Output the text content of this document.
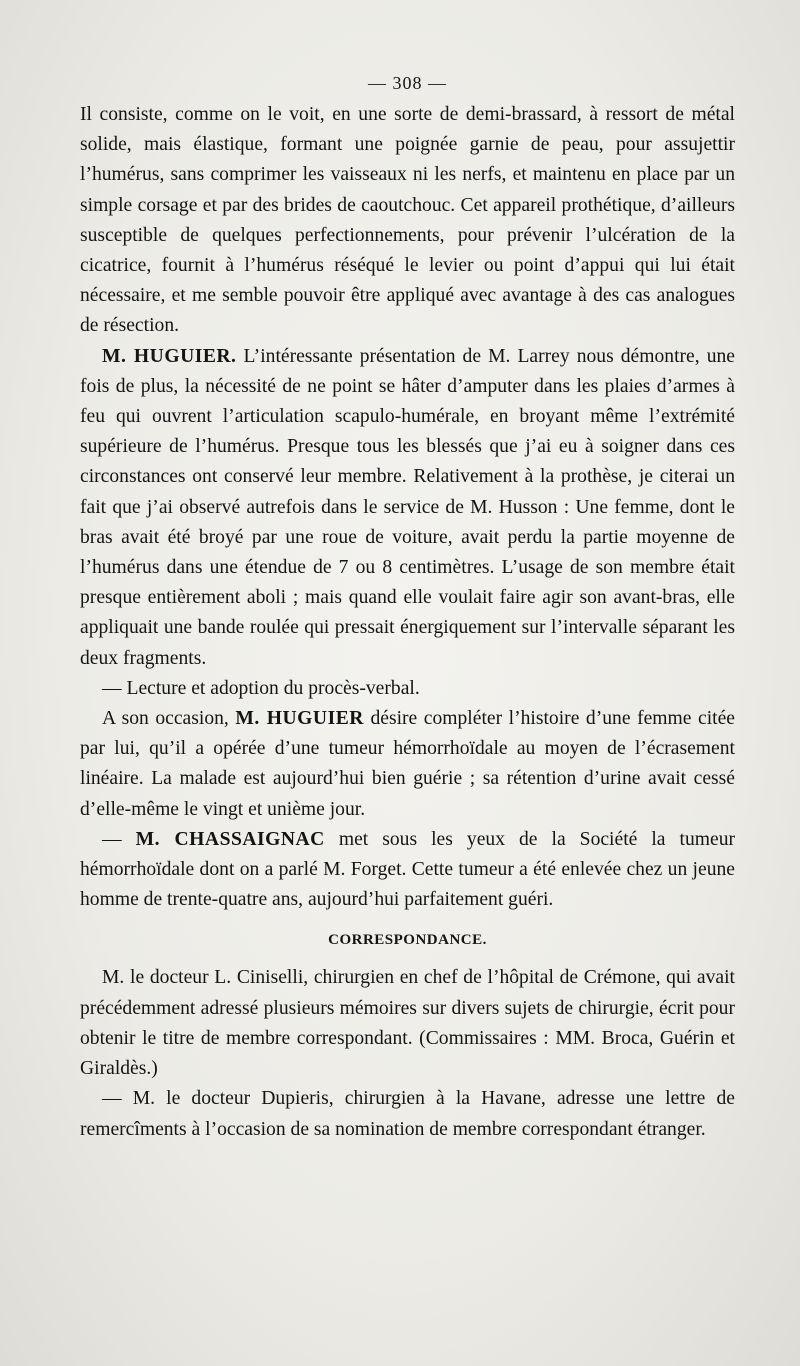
— 308 —

Il consiste, comme on le voit, en une sorte de demi-brassard, à ressort de métal solide, mais élastique, formant une poignée garnie de peau, pour assujettir l’humérus, sans comprimer les vaisseaux ni les nerfs, et maintenu en place par un simple corsage et par des brides de caoutchouc. Cet appareil prothétique, d’ailleurs susceptible de quelques perfectionnements, pour prévenir l’ulcération de la cicatrice, fournit à l’humérus réséqué le levier ou point d’appui qui lui était nécessaire, et me semble pouvoir être appliqué avec avantage à des cas analogues de résection.

M. HUGUIER. L’intéressante présentation de M. Larrey nous démontre, une fois de plus, la nécessité de ne point se hâter d’amputer dans les plaies d’armes à feu qui ouvrent l’articulation scapulo-humérale, en broyant même l’extrémité supérieure de l’humérus. Presque tous les blessés que j’ai eu à soigner dans ces circonstances ont conservé leur membre. Relativement à la prothèse, je citerai un fait que j’ai observé autrefois dans le service de M. Husson : Une femme, dont le bras avait été broyé par une roue de voiture, avait perdu la partie moyenne de l’humérus dans une étendue de 7 ou 8 centimètres. L’usage de son membre était presque entièrement aboli ; mais quand elle voulait faire agir son avant-bras, elle appliquait une bande roulée qui pressait énergiquement sur l’intervalle séparant les deux fragments.

— Lecture et adoption du procès-verbal.

A son occasion, M. HUGUIER désire compléter l’histoire d’une femme citée par lui, qu’il a opérée d’une tumeur hémorrhoïdale au moyen de l’écrasement linéaire. La malade est aujourd’hui bien guérie ; sa rétention d’urine avait cessé d’elle-même le vingt et unième jour.

— M. CHASSAIGNAC met sous les yeux de la Société la tumeur hémorrhoïdale dont on a parlé M. Forget. Cette tumeur a été enlevée chez un jeune homme de trente-quatre ans, aujourd’hui parfaitement guéri.

CORRESPONDANCE.

M. le docteur L. Ciniselli, chirurgien en chef de l’hôpital de Crémone, qui avait précédemment adressé plusieurs mémoires sur divers sujets de chirurgie, écrit pour obtenir le titre de membre correspondant. (Commissaires : MM. Broca, Guérin et Giraldès.)

— M. le docteur Dupieris, chirurgien à la Havane, adresse une lettre de remercîments à l’occasion de sa nomination de membre correspondant étranger.
